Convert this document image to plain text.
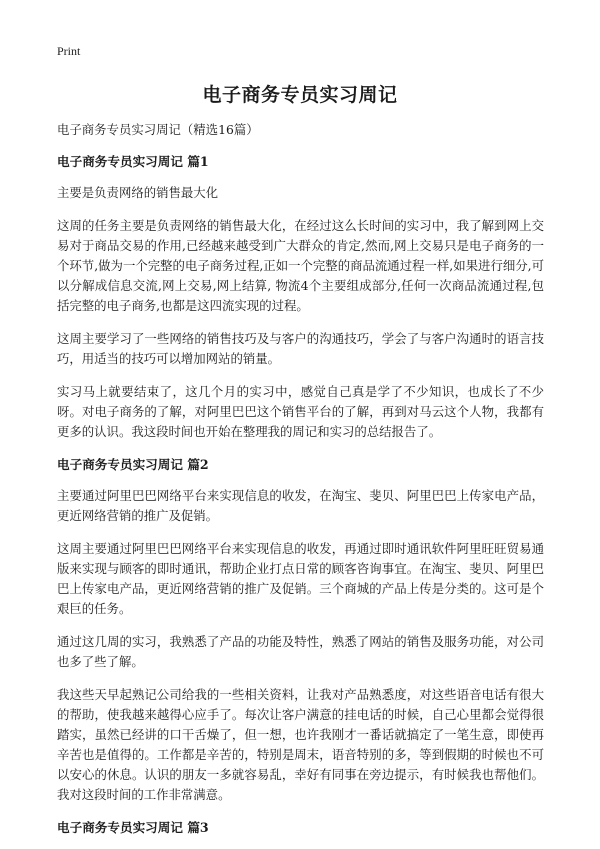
Print
电子商务专员实习周记

电子商务专员实习周记（精选16篇）

电子商务专员实习周记 篇1

主要是负责网络的销售最大化

这周的任务主要是负责网络的销售最大化，在经过这么长时间的实习中，我了解到网上交易对于商品交易的作用,已经越来越受到广大群众的肯定,然而,网上交易只是电子商务的一个环节,做为一个完整的电子商务过程,正如一个完整的商品流通过程一样,如果进行细分,可以分解成信息交流,网上交易,网上结算, 物流4个主要组成部分,任何一次商品流通过程,包括完整的电子商务,也都是这四流实现的过程。

这周主要学习了一些网络的销售技巧及与客户的沟通技巧，学会了与客户沟通时的语言技巧，用适当的技巧可以增加网站的销量。

实习马上就要结束了，这几个月的实习中，感觉自己真是学了不少知识，也成长了不少呀。对电子商务的了解，对阿里巴巴这个销售平台的了解，再到对马云这个人物，我都有更多的认识。我这段时间也开始在整理我的周记和实习的总结报告了。

电子商务专员实习周记 篇2

主要通过阿里巴巴网络平台来实现信息的收发，在淘宝、斐贝、阿里巴巴上传家电产品，更近网络营销的推广及促销。

这周主要通过阿里巴巴网络平台来实现信息的收发，再通过即时通讯软件阿里旺旺贸易通版来实现与顾客的即时通讯，帮助企业打点日常的顾客咨询事宜。在淘宝、斐贝、阿里巴巴上传家电产品，更近网络营销的推广及促销。三个商城的产品上传是分类的。这可是个艰巨的任务。

通过这几周的实习，我熟悉了产品的功能及特性，熟悉了网站的销售及服务功能，对公司也多了些了解。

我这些天早起熟记公司给我的一些相关资料，让我对产品熟悉度，对这些语音电话有很大的帮助，使我越来越得心应手了。每次让客户满意的挂电话的时候，自己心里都会觉得很踏实，虽然已经讲的口干舌燥了，但一想，也许我刚才一番话就搞定了一笔生意，即使再辛苦也是值得的。工作都是辛苦的，特别是周末，语音特别的多，等到假期的时候也不可以安心的休息。认识的朋友一多就容易乱，幸好有同事在旁边提示，有时候我也帮他们。我对这段时间的工作非常满意。

电子商务专员实习周记 篇3
